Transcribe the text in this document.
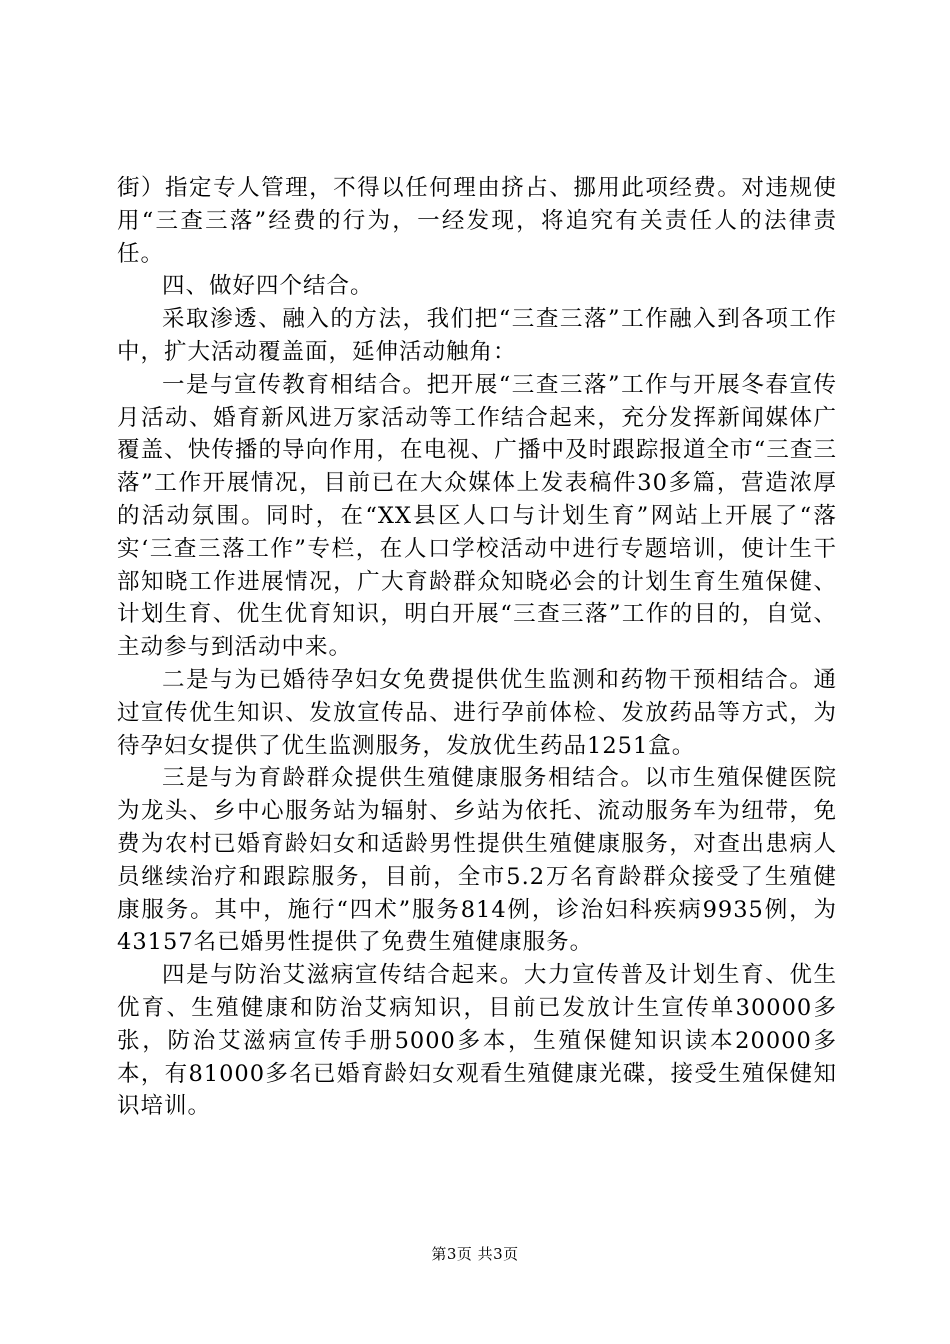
街）指定专人管理，不得以任何理由挤占、挪用此项经费。对违规使用“三查三落”经费的行为，一经发现，将追究有关责任人的法律责任。

四、做好四个结合。

采取渗透、融入的方法，我们把“三查三落”工作融入到各项工作中，扩大活动覆盖面，延伸活动触角：

一是与宣传教育相结合。把开展“三查三落”工作与开展冬春宣传月活动、婚育新风进万家活动等工作结合起来，充分发挥新闻媒体广覆盖、快传播的导向作用，在电视、广播中及时跟踪报道全市“三查三落”工作开展情况，目前已在大众媒体上发表稿件30多篇，营造浓厚的活动氛围。同时，在“XX县区人口与计划生育”网站上开展了“落实‘三查三落工作”专栏，在人口学校活动中进行专题培训，使计生干部知晓工作进展情况，广大育龄群众知晓必会的计划生育生殖保健、计划生育、优生优育知识，明白开展“三查三落”工作的目的，自觉、主动参与到活动中来。

二是与为已婚待孕妇女免费提供优生监测和药物干预相结合。通过宣传优生知识、发放宣传品、进行孕前体检、发放药品等方式，为待孕妇女提供了优生监测服务，发放优生药品1251盒。

三是与为育龄群众提供生殖健康服务相结合。以市生殖保健医院为龙头、乡中心服务站为辐射、乡站为依托、流动服务车为纽带，免费为农村已婚育龄妇女和适龄男性提供生殖健康服务，对查出患病人员继续治疗和跟踪服务，目前，全市5.2万名育龄群众接受了生殖健康服务。其中，施行“四术”服务814例，诊治妇科疾病9935例，为43157名已婚男性提供了免费生殖健康服务。

四是与防治艾滋病宣传结合起来。大力宣传普及计划生育、优生优育、生殖健康和防治艾病知识，目前已发放计生宣传单30000多张，防治艾滋病宣传手册5000多本，生殖保健知识读本20000多本，有81000多名已婚育龄妇女观看生殖健康光碟，接受生殖保健知识培训。

第3页 共3页
